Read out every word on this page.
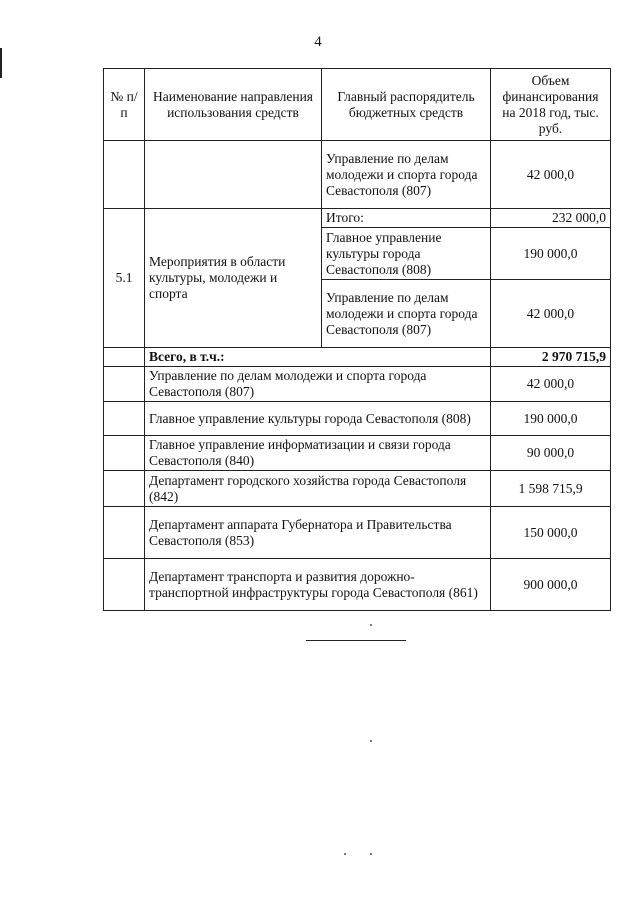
4
№ п/п	Наименование направления использования средств	Главный распорядитель бюджетных средств	Объем финансирования на 2018 год, тыс. руб.
		Управление по делам молодежи и спорта города Севастополя (807)	42 000,0
5.1	Мероприятия в области культуры, молодежи и спорта	Итого:	232 000,0
		Главное управление культуры города Севастополя (808)	190 000,0
		Управление по делам молодежи и спорта города Севастополя (807)	42 000,0
	Всего, в т.ч.:		2 970 715,9
	Управление по делам молодежи и спорта города Севастополя (807)		42 000,0
	Главное управление культуры города Севастополя (808)		190 000,0
	Главное управление информатизации и связи города Севастополя (840)		90 000,0
	Департамент городского хозяйства города Севастополя (842)		1 598 715,9
	Департамент аппарата Губернатора и Правительства Севастополя (853)		150 000,0
	Департамент транспорта и развития дорожно-транспортной инфраструктуры города Севастополя (861)		900 000,0
